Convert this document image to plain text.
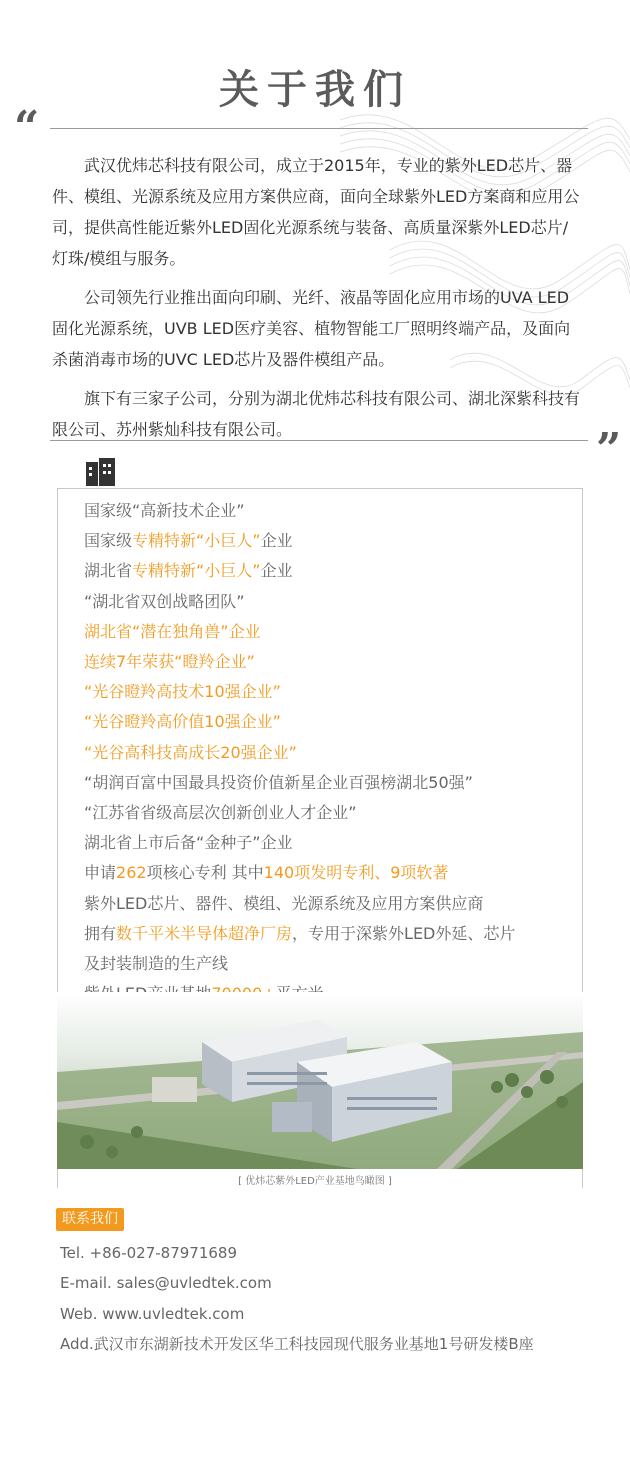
关于我们
“

武汉优炜芯科技有限公司，成立于2015年，专业的紫外LED芯片、器件、模组、光源系统及应用方案供应商，面向全球紫外LED方案商和应用公司，提供高性能近紫外LED固化光源系统与装备、高质量深紫外LED芯片/灯珠/模组与服务。

公司领先行业推出面向印刷、光纤、液晶等固化应用市场的UVA LED固化光源系统，UVB LED医疗美容、植物智能工厂照明终端产品，及面向杀菌消毒市场的UVC LED芯片及器件模组产品。

旗下有三家子公司，分别为湖北优炜芯科技有限公司、湖北深紫科技有限公司、苏州紫灿科技有限公司。	”
国家级“高新技术企业”
国家级专精特新“小巨人”企业
湖北省专精特新“小巨人”企业
“湖北省双创战略团队”
湖北省“潜在独角兽”企业
连续7年荣获“瞪羚企业”
“光谷瞪羚高技术10强企业”
“光谷瞪羚高价值10强企业”
“光谷高科技高成长20强企业”
“胡润百富中国最具投资价值新星企业百强榜湖北50强”
“江苏省省级高层次创新创业人才企业”
湖北省上市后备“金种子”企业
申请262项核心专利 其中140项发明专利、9项软著
紫外LED芯片、器件、模组、光源系统及应用方案供应商
拥有数千平米半导体超净厂房，专用于深紫外LED外延、芯片
及封装制造的生产线
[ 优炜芯紫外LED产业基地鸟瞰图 ]
联系我们
Tel. +86-027-87971689
E-mail. sales@uvledtek.com
Web. www.uvledtek.com
Add.武汉市东湖新技术开发区华工科技园现代服务业基地1号研发楼B座
